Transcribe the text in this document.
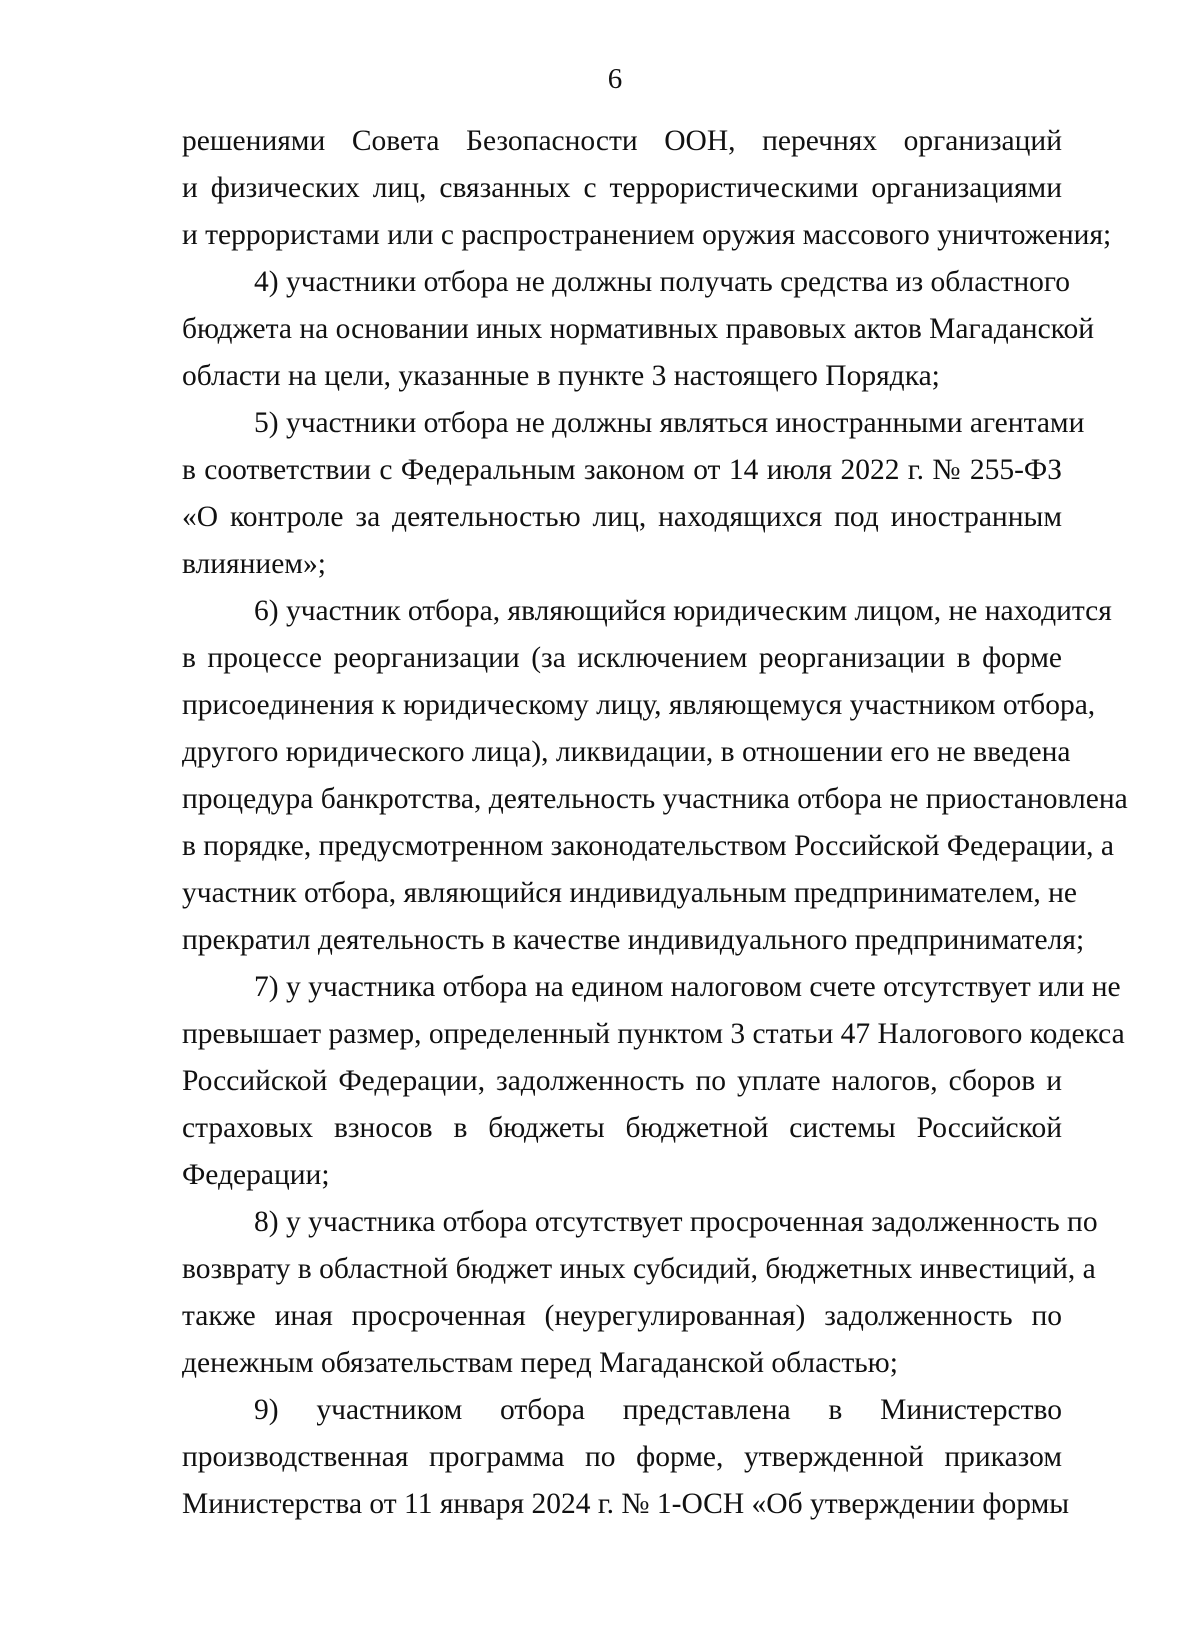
6
решениями Совета Безопасности ООН, перечнях организаций
и физических лиц, связанных с террористическими организациями
и террористами или с распространением оружия массового уничтожения;
4) участники отбора не должны получать средства из областного
бюджета на основании иных нормативных правовых актов Магаданской
области на цели, указанные в пункте 3 настоящего Порядка;
5) участники отбора не должны являться иностранными агентами
в соответствии с Федеральным законом от 14 июля 2022 г. № 255-ФЗ
«О контроле за деятельностью лиц, находящихся под иностранным
влиянием»;
6) участник отбора, являющийся юридическим лицом, не находится
в процессе реорганизации (за исключением реорганизации в форме
присоединения к юридическому лицу, являющемуся участником отбора,
другого юридического лица), ликвидации, в отношении его не введена
процедура банкротства, деятельность участника отбора не приостановлена
в порядке, предусмотренном законодательством Российской Федерации, а
участник отбора, являющийся индивидуальным предпринимателем, не
прекратил деятельность в качестве индивидуального предпринимателя;
7) у участника отбора на едином налоговом счете отсутствует или не
превышает размер, определенный пунктом 3 статьи 47 Налогового кодекса
Российской Федерации, задолженность по уплате налогов, сборов и
страховых взносов в бюджеты бюджетной системы Российской
Федерации;
8) у участника отбора отсутствует просроченная задолженность по
возврату в областной бюджет иных субсидий, бюджетных инвестиций, а
также иная просроченная (неурегулированная) задолженность по
денежным обязательствам перед Магаданской областью;
9) участником отбора представлена в Министерство
производственная программа по форме, утвержденной приказом
Министерства от 11 января 2024 г. № 1-ОСН «Об утверждении формы
